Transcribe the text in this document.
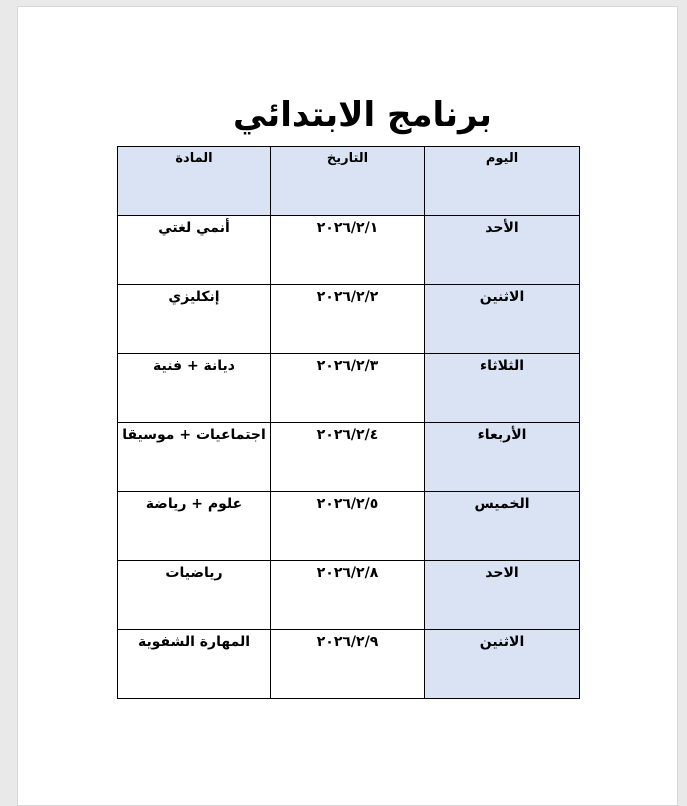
برنامج الابتدائي
اليوم	التاريخ	المادة
الأحد	٢٠٢٦/٢/١	أنمي لغتي
الاثنين	٢٠٢٦/٢/٢	إنكليزي
الثلاثاء	٢٠٢٦/٢/٣	ديانة + فنية
الأربعاء	٢٠٢٦/٢/٤	اجتماعيات + موسيقا
الخميس	٢٠٢٦/٢/٥	علوم + رياضة
الاحد	٢٠٢٦/٢/٨	رياضيات
الاثنين	٢٠٢٦/٢/٩	المهارة الشفوية
